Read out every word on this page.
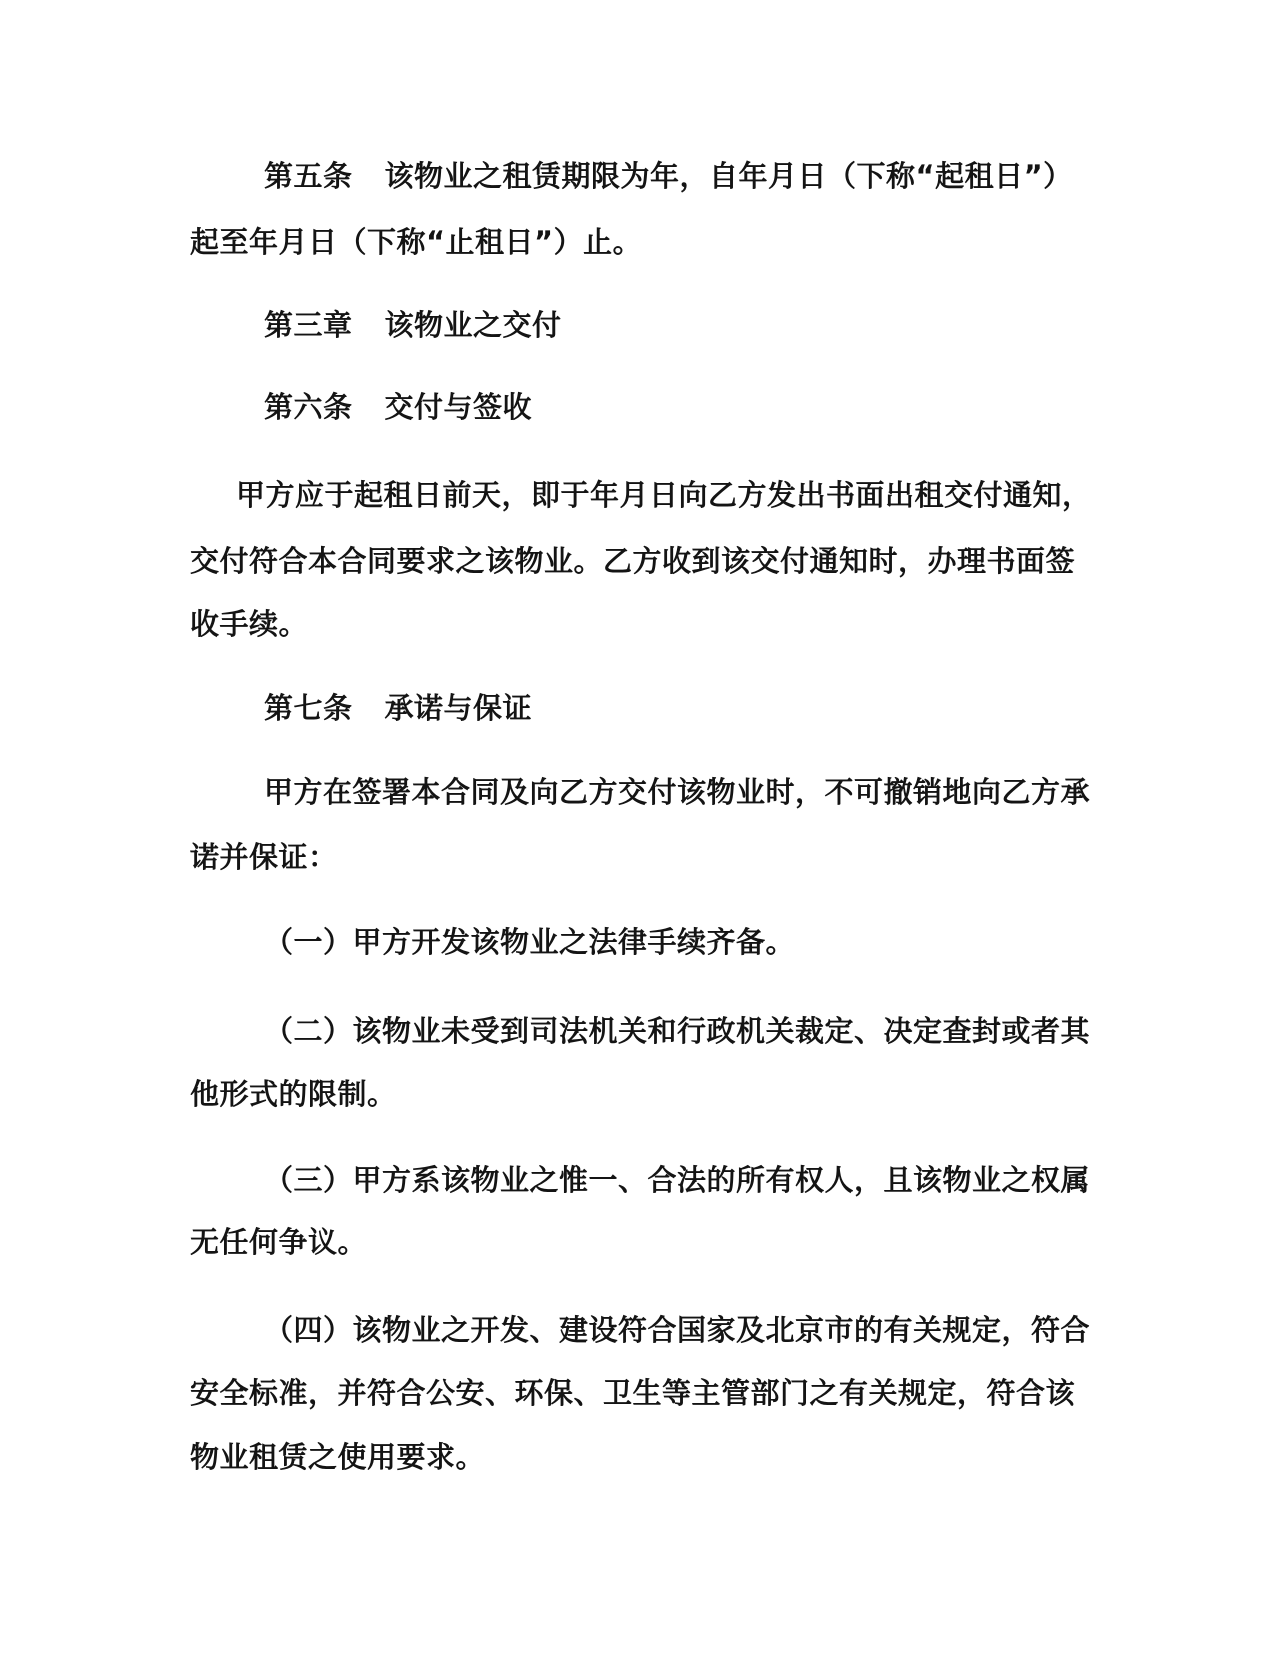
第五条 该物业之租赁期限为年，自年月日（下称“起租日”）
起至年月日（下称“止租日”）止。
第三章 该物业之交付
第六条 交付与签收
甲方应于起租日前天，即于年月日向乙方发出书面出租交付通知，
交付符合本合同要求之该物业。乙方收到该交付通知时，办理书面签
收手续。
第七条 承诺与保证
甲方在签署本合同及向乙方交付该物业时，不可撤销地向乙方承
诺并保证：
（一）甲方开发该物业之法律手续齐备。
（二）该物业未受到司法机关和行政机关裁定、决定查封或者其
他形式的限制。
（三）甲方系该物业之惟一、合法的所有权人，且该物业之权属
无任何争议。
（四）该物业之开发、建设符合国家及北京市的有关规定，符合
安全标准，并符合公安、环保、卫生等主管部门之有关规定，符合该
物业租赁之使用要求。
